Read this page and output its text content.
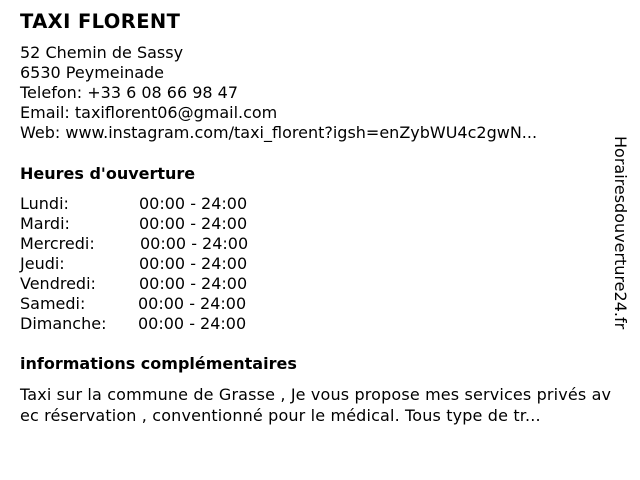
TAXI FLORENT
52 Chemin de Sassy
6530 Peymeinade
Telefon: +33 6 08 66 98 47
Email: taxiflorent06@gmail.com
Web: www.instagram.com/taxi_florent?igsh=enZybWU4c2gwN...
Heures d'ouverture
Lundi:	00:00 - 24:00
Mardi:	00:00 - 24:00
Mercredi:	00:00 - 24:00
Jeudi:	00:00 - 24:00
Vendredi:	00:00 - 24:00
Samedi:	00:00 - 24:00
Dimanche: 00:00 - 24:00
informations complémentaires
Taxi sur la commune de Grasse , Je vous propose mes services privés avec réservation , conventionné pour le médical. Tous type de tr...
Horairesdouverture24.fr
